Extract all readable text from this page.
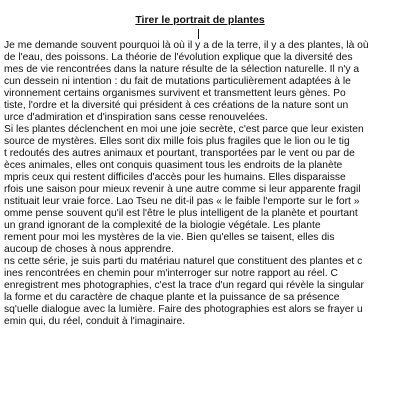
Tirer le portrait de plantes
Je me demande souvent pourquoi là où il y a de la terre, il y a des plantes, là où
de l'eau, des poissons. La théorie de l'évolution explique que la diversité des
mes de vie rencontrées dans la nature résulte de la sélection naturelle. Il n'y a
cun dessein ni intention : du fait de mutations particulièrement adaptées à le
vironnement certains organismes survivent et transmettent leurs gènes. Po
tiste, l'ordre et la diversité qui président à ces créations de la nature sont un
urce d'admiration et d'inspiration sans cesse renouvelées.
Si les plantes déclenchent en moi une joie secrète, c'est parce que leur existen
source de mystères. Elles sont dix mille fois plus fragiles que le lion ou le tig
t redoutés des autres animaux et pourtant, transportées par le vent ou par de
èces animales, elles ont conquis quasiment tous les endroits de la planète
mpris ceux qui restent difficiles d'accès pour les humains. Elles disparaisse
rfois une saison pour mieux revenir à une autre comme si leur apparente fragil
nstituait leur vraie force. Lao Tseu ne dit-il pas « le faible l'emporte sur le fort »
omme pense souvent qu'il est l'être le plus intelligent de la planète et pourtant
un grand ignorant de la complexité de la biologie végétale. Les plante
rement pour moi les mystères de la vie. Bien qu'elles se taisent, elles dis
aucoup de choses à nous apprendre.
ns cette série, je suis parti du matériau naturel que constituent des plantes et c
ines rencontrées en chemin pour m'interroger sur notre rapport au réel. C
enregistrent mes photographies, c'est la trace d'un regard qui révèle la singular
la forme et du caractère de chaque plante et la puissance de sa présence
sq'uelle dialogue avec la lumière. Faire des photographies est alors se frayer u
emin qui, du réel, conduit à l'imaginaire.
